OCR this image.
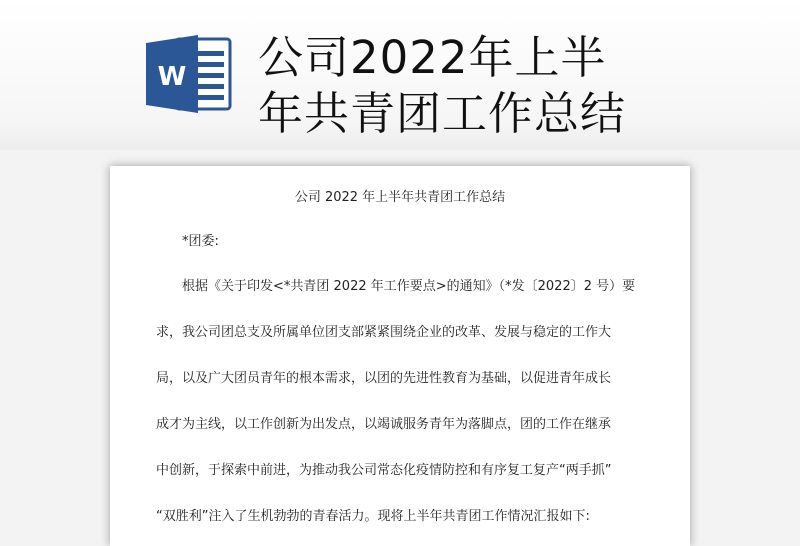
W 公司2022年上半
年共青团工作总结
公司 2022 年上半年共青团工作总结
*团委:
根据《关于印发<*共青团 2022 年工作要点>的通知》（*发〔2022〕2 号）要
求，我公司团总支及所属单位团支部紧紧围绕企业的改革、发展与稳定的工作大
局，以及广大团员青年的根本需求，以团的先进性教育为基础，以促进青年成长
成才为主线，以工作创新为出发点，以竭诚服务青年为落脚点，团的工作在继承
中创新，于探索中前进，为推动我公司常态化疫情防控和有序复工复产“两手抓”
“双胜利”注入了生机勃勃的青春活力。现将上半年共青团工作情况汇报如下:
